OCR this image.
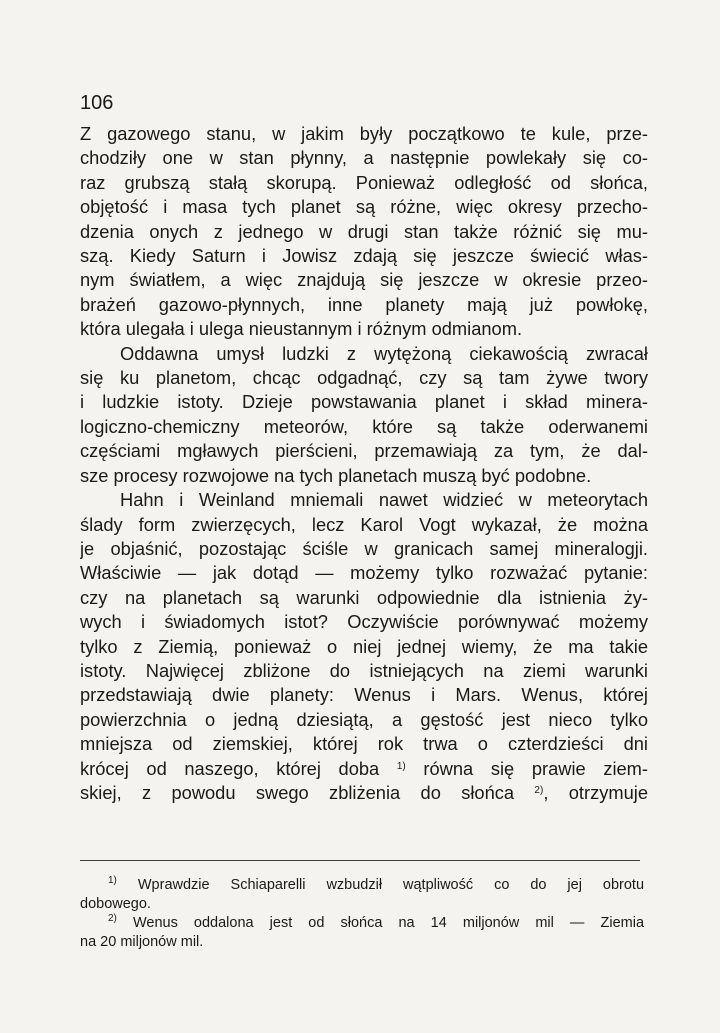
106
Z gazowego stanu, w jakim były początkowo te kule, prze-
chodziły one w stan płynny, a następnie powlekały się co-
raz grubszą stałą skorupą. Ponieważ odległość od słońca,
objętość i masa tych planet są różne, więc okresy przecho-
dzenia onych z jednego w drugi stan także różnić się mu-
szą. Kiedy Saturn i Jowisz zdają się jeszcze świecić włas-
nym światłem, a więc znajdują się jeszcze w okresie przeo-
brażeń gazowo-płynnych, inne planety mają już powłokę,
która ulegała i ulega nieustannym i różnym odmianom.
Oddawna umysł ludzki z wytężoną ciekawością zwracał
się ku planetom, chcąc odgadnąć, czy są tam żywe twory
i ludzkie istoty. Dzieje powstawania planet i skład minera-
logiczno-chemiczny meteorów, które są także oderwanemi
częściami mgławych pierścieni, przemawiają za tym, że dal-
sze procesy rozwojowe na tych planetach muszą być podobne.
Hahn i Weinland mniemali nawet widzieć w meteorytach
ślady form zwierzęcych, lecz Karol Vogt wykazał, że można
je objaśnić, pozostając ściśle w granicach samej mineralogji.
Właściwie — jak dotąd — możemy tylko rozważać pytanie:
czy na planetach są warunki odpowiednie dla istnienia ży-
wych i świadomych istot? Oczywiście porównywać możemy
tylko z Ziemią, ponieważ o niej jednej wiemy, że ma takie
istoty. Najwięcej zbliżone do istniejących na ziemi warunki
przedstawiają dwie planety: Wenus i Mars. Wenus, której
powierzchnia o jedną dziesiątą, a gęstość jest nieco tylko
mniejsza od ziemskiej, której rok trwa o czterdzieści dni
krócej od naszego, której doba $^{1)}$ równa się prawie ziem-
skiej, z powodu swego zbliżenia do słońca $^{2)}$, otrzymuje
$^{1)}$ Wprawdzie Schiaparelli wzbudził wątpliwość co do jej obrotu
dobowego.
$^{2)}$ Wenus oddalona jest od słońca na 14 miljonów mil — Ziemia
na 20 miljonów mil.
